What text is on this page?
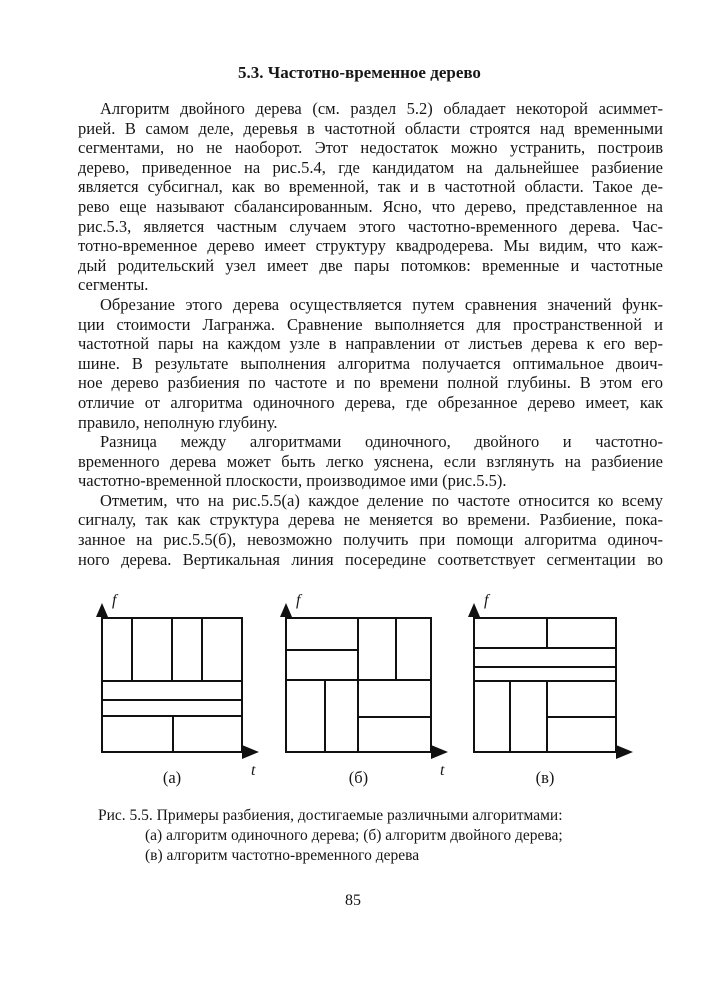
5.3. Частотно-временное дерево
Алгоритм двойного дерева (см. раздел 5.2) обладает некоторой асиммет-
рией. В самом деле, деревья в частотной области строятся над временными
сегментами, но не наоборот. Этот недостаток можно устранить, построив
дерево, приведенное на рис.5.4, где кандидатом на дальнейшее разбиение
является субсигнал, как во временной, так и в частотной области. Такое де-
рево еще называют сбалансированным. Ясно, что дерево, представленное на
рис.5.3, является частным случаем этого частотно-временного дерева. Час-
тотно-временное дерево имеет структуру квадродерева. Мы видим, что каж-
дый родительский узел имеет две пары потомков: временные и частотные
сегменты.
Обрезание этого дерева осуществляется путем сравнения значений функ-
ции стоимости Лагранжа. Сравнение выполняется для пространственной и
частотной пары на каждом узле в направлении от листьев дерева к его вер-
шине. В результате выполнения алгоритма получается оптимальное двоич-
ное дерево разбиения по частоте и по времени полной глубины. В этом его
отличие от алгоритма одиночного дерева, где обрезанное дерево имеет, как
правило, неполную глубину.
Разница между алгоритмами одиночного, двойного и частотно-
временного дерева может быть легко уяснена, если взглянуть на разбиение
частотно-временной плоскости, производимое ими (рис.5.5).
Отметим, что на рис.5.5(а) каждое деление по частоте относится ко всему
сигналу, так как структура дерева не меняется во времени. Разбиение, пока-
занное на рис.5.5(б), невозможно получить при помощи алгоритма одиноч-
ного дерева. Вертикальная линия посередине соответствует сегментации во
f
t
(а)
f
t
(б)
f
(в)
Рис. 5.5. Примеры разбиения, достигаемые различными алгоритмами:
(а) алгоритм одиночного дерева; (б) алгоритм двойного дерева;
(в) алгоритм частотно-временного дерева
85
